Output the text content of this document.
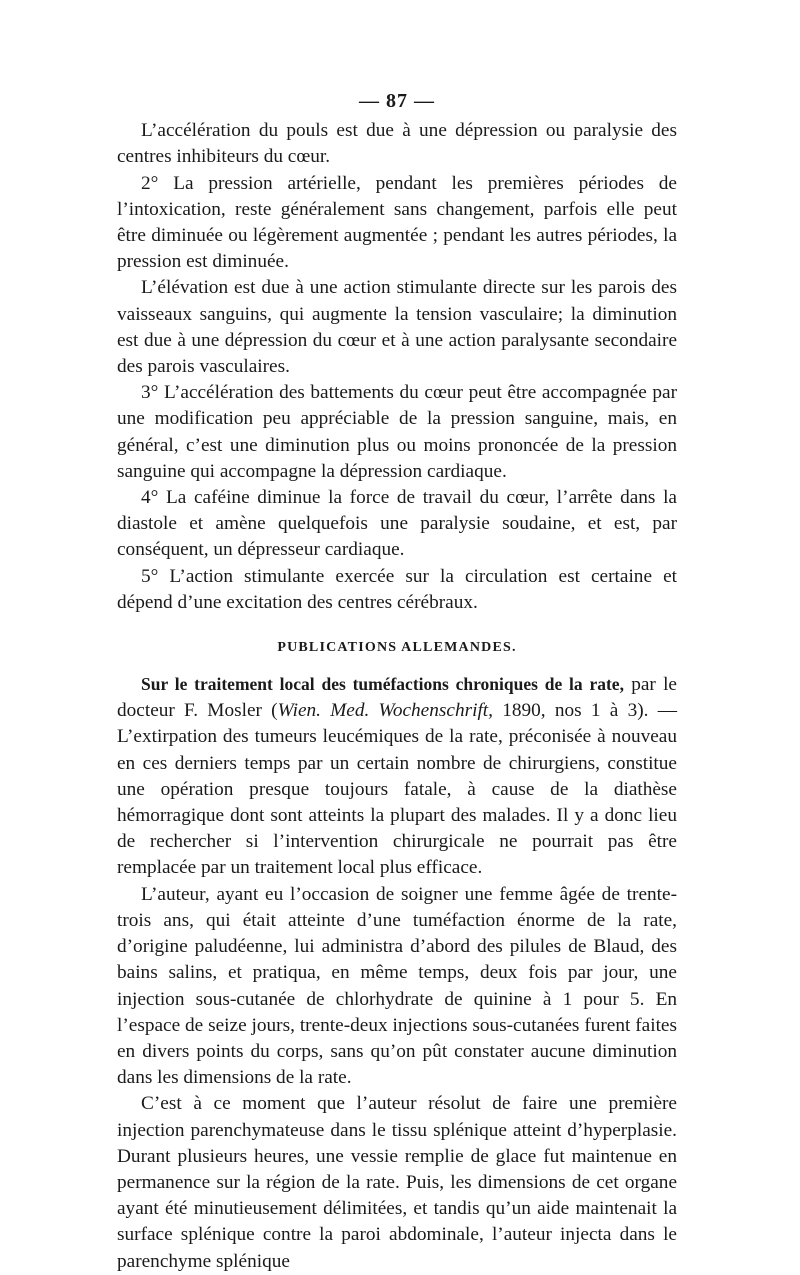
— 87 —

L’accélération du pouls est due à une dépression ou paralysie des centres inhibiteurs du cœur.

2° La pression artérielle, pendant les premières périodes de l’intoxication, reste généralement sans changement, parfois elle peut être diminuée ou légèrement augmentée ; pendant les autres périodes, la pression est diminuée.

L’élévation est due à une action stimulante directe sur les parois des vaisseaux sanguins, qui augmente la tension vasculaire; la diminution est due à une dépression du cœur et à une action paralysante secondaire des parois vasculaires.

3° L’accélération des battements du cœur peut être accompagnée par une modification peu appréciable de la pression sanguine, mais, en général, c’est une diminution plus ou moins prononcée de la pression sanguine qui accompagne la dépression cardiaque.

4° La caféine diminue la force de travail du cœur, l’arrête dans la diastole et amène quelquefois une paralysie soudaine, et est, par conséquent, un dépresseur cardiaque.

5° L’action stimulante exercée sur la circulation est certaine et dépend d’une excitation des centres cérébraux.

PUBLICATIONS ALLEMANDES.

Sur le traitement local des tuméfactions chroniques de la rate, par le docteur F. Mosler (Wien. Med. Wochenschrift, 1890, nos 1 à 3). — L’extirpation des tumeurs leucémiques de la rate, préconisée à nouveau en ces derniers temps par un certain nombre de chirurgiens, constitue une opération presque toujours fatale, à cause de la diathèse hémorragique dont sont atteints la plupart des malades. Il y a donc lieu de rechercher si l’intervention chirurgicale ne pourrait pas être remplacée par un traitement local plus efficace.

L’auteur, ayant eu l’occasion de soigner une femme âgée de trente-trois ans, qui était atteinte d’une tuméfaction énorme de la rate, d’origine paludéenne, lui administra d’abord des pilules de Blaud, des bains salins, et pratiqua, en même temps, deux fois par jour, une injection sous-cutanée de chlorhydrate de quinine à 1 pour 5. En l’espace de seize jours, trente-deux injections sous-cutanées furent faites en divers points du corps, sans qu’on pût constater aucune diminution dans les dimensions de la rate.

C’est à ce moment que l’auteur résolut de faire une première injection parenchymateuse dans le tissu splénique atteint d’hyperplasie. Durant plusieurs heures, une vessie remplie de glace fut maintenue en permanence sur la région de la rate. Puis, les dimensions de cet organe ayant été minutieusement délimitées, et tandis qu’un aide maintenait la surface splénique contre la paroi abdominale, l’auteur injecta dans le parenchyme splénique
